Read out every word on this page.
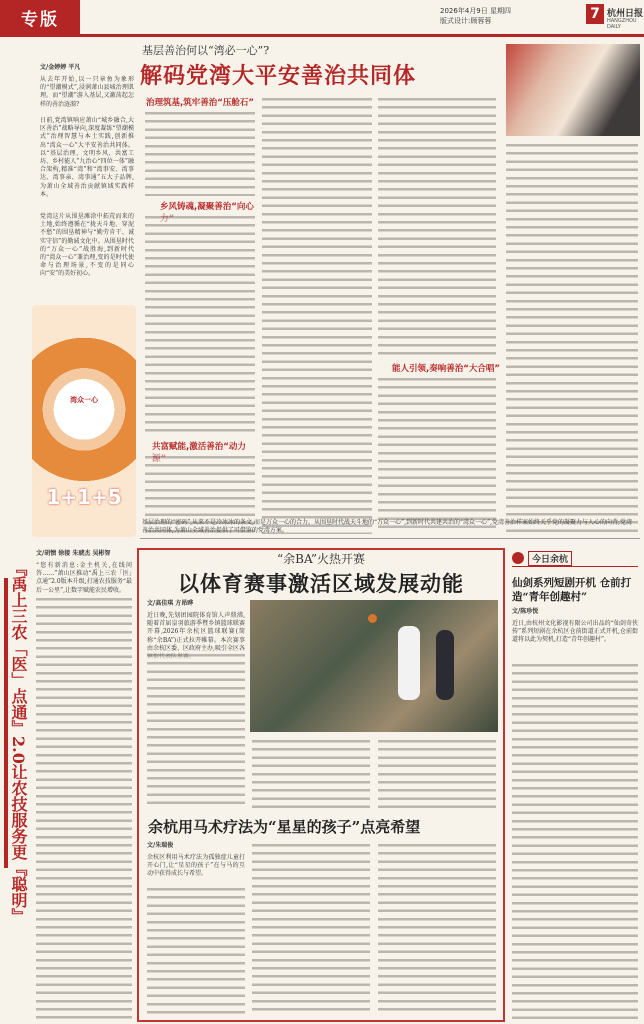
专版	2026年4月9日 星期四
版式设计:顾蓉蓉	7 杭州日报
HANGZHOU DAILY
文/金婷婷 平凡
从去年开始,以一只章鱼为象形的“望潮模式”,浸润萧山县城治理肌理。而“望潮”游入基层,又激荡起怎样的善治涟漪?
日前,党湾镇响应萧山“城乡融合,大区善治”战略导向,深度凝练“望潮模式”治理智慧与本土实践,创新推出“湾众一心”大平安善治共同体。以“基层治理、文明乡风、共富工坊、乡村能人”九治心“四位一体”融合架构,精准“湾”和“湾事安、湾事达、湾事亲、湾事通”五大子品牌,为萧山全域善治贡献镇域实践样本。
党湾这片从围垦滩涂中拓荒而来的土地,始终遵循在“拢天斗地、穿泥不愁”的围垦精神与“勤劳肯干、诚实守信”的勤诚文化中。从围垦时代的“万众一心”战胜海,到新时代的“湾众一心”兼治理,变的是时代使命与治理场景,不变的是同心向“安”的美好初心。
湾众一心
1+1+5
基层善治何以“湾必一心”?
解码党湾大平安善治共同体
治理筑基,筑牢善治“压舱石”
乡风铸魂,凝聚善治“向心
共富赋能,激活善治“动力
能人引领,奏响善治“大合唱”
基层治理的“密码”,从来不是冷冰冰的条文,而是万众一心的合力。从围垦时代战天斗地的“万众一心”,到新时代共建共治的“湾众一心”,党湾善治样案始终关乎党的凝聚力与人心的向背;党湾善治共同体,为萧山全域善治提供了可借鉴的党湾方案。
『禹上三农「医」点通』2.0让农技服务更『聪明』
文/胡愦 徐接 朱琥杰 吴彬智
“您有新消息:金主机关,在线问答……”萧山区推动“禹上三农「医」点通”2.0版本升级,打通农技服务“最后一公里”,让数字赋能农民增收。
“余BA”火热开赛
以体育赛事激活区域发展动能
文/高佳琪 方昂晔
近日晚,先划团园院体育馆人声鼎沸,随着首届皇羽旅游季暨乡镇篮球联赛开幕,2026年余杭区篮球联赛(简称“余BA”)正式拉开帷幕。本次赛事由余杭区委、区政府主办,吸引全区各
余杭用马术疗法为“星星的孩子”点亮希望
文/朱瑞俊
余杭区利用马术疗法为孤独症儿童打开心门,让“星星的孩子”在与马的互动中获得成长与希望。
今日余杭
仙剑系列短剧开机 仓前打造“青年创趣村”
文/陈珍悦
近日,由杭州文化影视有限公司出品的“仙剑奇侠传”系列短剧在余杭区仓前街道正式开机,仓前街道将以此为契机,打造“青年创趣村”。
